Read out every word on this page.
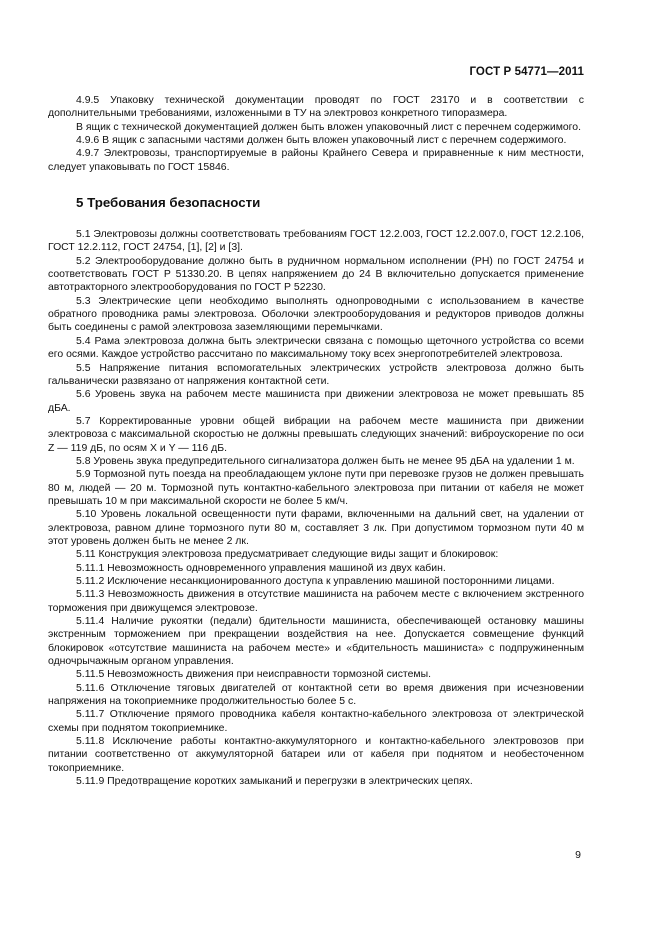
ГОСТ Р 54771—2011

4.9.5 Упаковку технической документации проводят по ГОСТ 23170 и в соответствии с дополнительными требованиями, изложенными в ТУ на электровоз конкретного типоразмера.

В ящик с технической документацией должен быть вложен упаковочный лист с перечнем содержимого.

4.9.6 В ящик с запасными частями должен быть вложен упаковочный лист с перечнем содержимого.

4.9.7 Электровозы, транспортируемые в районы Крайнего Севера и приравненные к ним местности, следует упаковывать по ГОСТ 15846.

5 Требования безопасности

5.1 Электровозы должны соответствовать требованиям ГОСТ 12.2.003, ГОСТ 12.2.007.0, ГОСТ 12.2.106, ГОСТ 12.2.112, ГОСТ 24754, [1], [2] и [3].

5.2 Электрооборудование должно быть в рудничном нормальном исполнении (РН) по ГОСТ 24754 и соответствовать ГОСТ Р 51330.20. В цепях напряжением до 24 В включительно допускается применение автотракторного электрооборудования по ГОСТ Р 52230.

5.3 Электрические цепи необходимо выполнять однопроводными с использованием в качестве обратного проводника рамы электровоза. Оболочки электрооборудования и редукторов приводов должны быть соединены с рамой электровоза заземляющими перемычками.

5.4 Рама электровоза должна быть электрически связана с помощью щеточного устройства со всеми его осями. Каждое устройство рассчитано по максимальному току всех энергопотребителей электровоза.

5.5 Напряжение питания вспомогательных электрических устройств электровоза должно быть гальванически развязано от напряжения контактной сети.

5.6 Уровень звука на рабочем месте машиниста при движении электровоза не может превышать 85 дБА.

5.7 Корректированные уровни общей вибрации на рабочем месте машиниста при движении электровоза с максимальной скоростью не должны превышать следующих значений: виброускорение по оси Z — 119 дБ, по осям X и Y — 116 дБ.

5.8 Уровень звука предупредительного сигнализатора должен быть не менее 95 дБА на удалении 1 м.

5.9 Тормозной путь поезда на преобладающем уклоне пути при перевозке грузов не должен превышать 80 м, людей — 20 м. Тормозной путь контактно-кабельного электровоза при питании от кабеля не может превышать 10 м при максимальной скорости не более 5 км/ч.

5.10 Уровень локальной освещенности пути фарами, включенными на дальний свет, на удалении от электровоза, равном длине тормозного пути 80 м, составляет 3 лк. При допустимом тормозном пути 40 м этот уровень должен быть не менее 2 лк.

5.11 Конструкция электровоза предусматривает следующие виды защит и блокировок:

5.11.1 Невозможность одновременного управления машиной из двух кабин.

5.11.2 Исключение несанкционированного доступа к управлению машиной посторонними лицами.

5.11.3 Невозможность движения в отсутствие машиниста на рабочем месте с включением экстренного торможения при движущемся электровозе.

5.11.4 Наличие рукоятки (педали) бдительности машиниста, обеспечивающей остановку машины экстренным торможением при прекращении воздействия на нее. Допускается совмещение функций блокировок «отсутствие машиниста на рабочем месте» и «бдительность машиниста» с подпружиненным одночрычажным органом управления.

5.11.5 Невозможность движения при неисправности тормозной системы.

5.11.6 Отключение тяговых двигателей от контактной сети во время движения при исчезновении напряжения на токоприемнике продолжительностью более 5 с.

5.11.7 Отключение прямого проводника кабеля контактно-кабельного электровоза от электрической схемы при поднятом токоприемнике.

5.11.8 Исключение работы контактно-аккумуляторного и контактно-кабельного электровозов при питании соответственно от аккумуляторной батареи или от кабеля при поднятом и необесточенном токоприемнике.

5.11.9 Предотвращение коротких замыканий и перегрузки в электрических цепях.

9
